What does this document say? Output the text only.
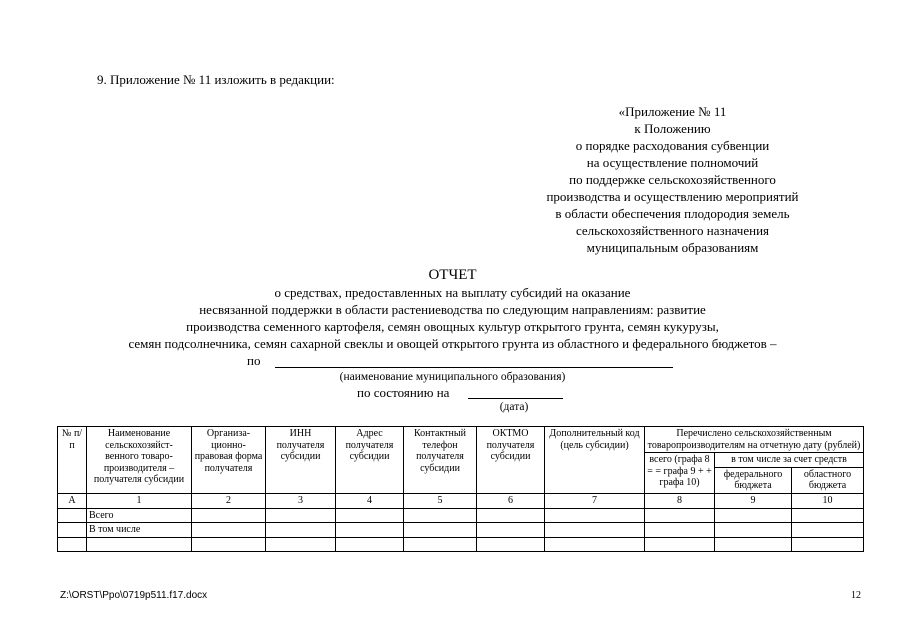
9. Приложение № 11 изложить в редакции:
«Приложение № 11
к Положению
о порядке расходования субвенции
на осуществление полномочий
по поддержке сельскохозяйственного
производства и осуществлению мероприятий
в области обеспечения плодородия земель
сельскохозяйственного назначения
муниципальным образованиям
ОТЧЕТ
о средствах, предоставленных на выплату субсидий на оказание
несвязанной поддержки в области растениеводства по следующим направлениям: развитие
производства семенного картофеля, семян овощных культур открытого грунта, семян кукурузы,
семян подсолнечника, семян сахарной свеклы и овощей открытого грунта из областного и федерального бюджетов –
по
(наименование муниципального образования)
по состоянию на
(дата)
№ п/п	Наименование сельскохозяйст-венного товаро-производителя – получателя субсидии	Организа-ционно-правовая форма получателя	ИНН получателя субсидии	Адрес получателя субсидии	Контактный телефон получателя субсидии	ОКТМО получателя субсидии	Дополнительный код (цель субсидии)	Перечислено сельскохозяйственным товаропроизводителям на отчетную дату (рублей)		
								всего (графа 8 = = графа 9 + + графа 10)	в том числе за счет средств	
									федерального бюджета	областного бюджета
А	1	2	3	4	5	6	7	8	9	10
	Всего									
	В том числе									

Z:\ORST\Ppo\0719p511.f17.docx	12
